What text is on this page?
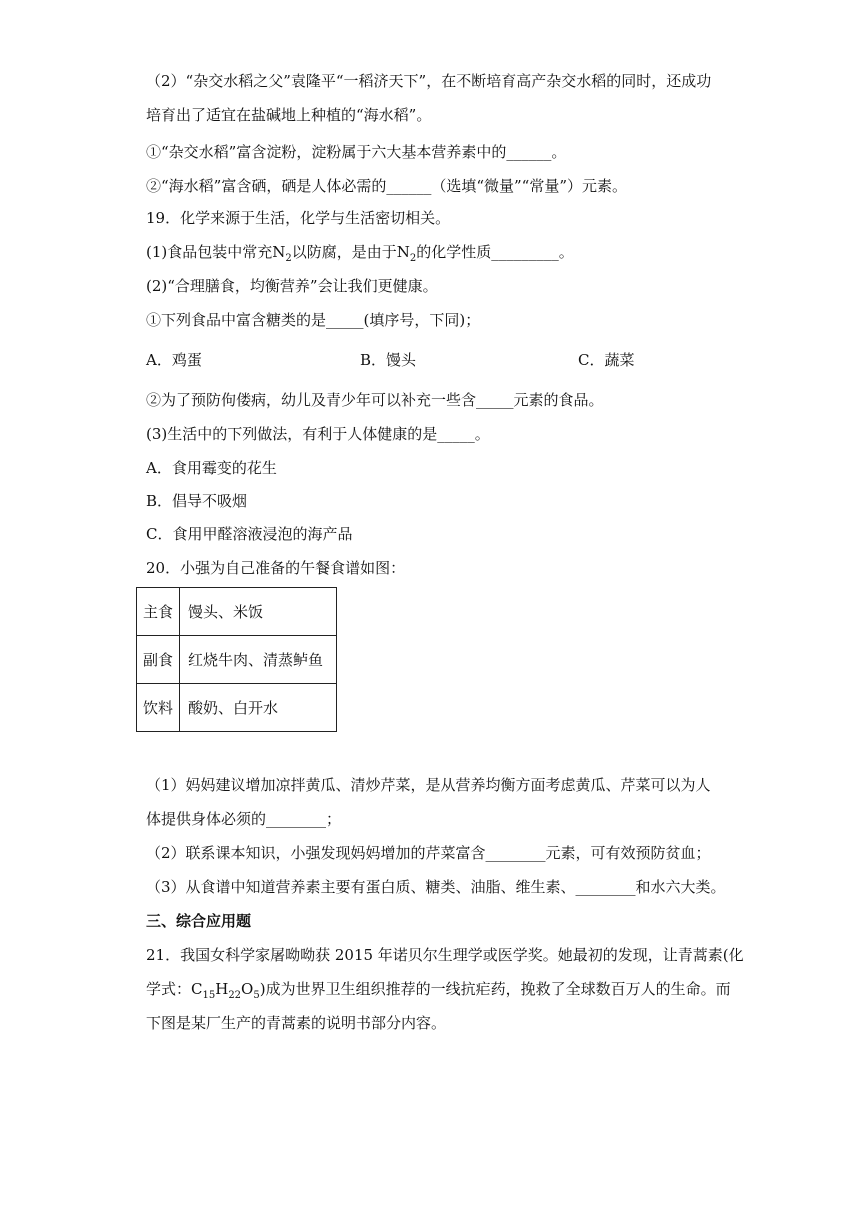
（2）“杂交水稻之父”袁隆平“一稻济天下”，在不断培育高产杂交水稻的同时，还成功
培育出了适宜在盐碱地上种植的“海水稻”。
①“杂交水稻”富含淀粉，淀粉属于六大基本营养素中的______。
②“海水稻”富含硒，硒是人体必需的______（选填“微量”“常量”）元素。
19．化学来源于生活，化学与生活密切相关。
(1)食品包装中常充$N_2$以防腐，是由于$N_2$的化学性质_________。
(2)“合理膳食，均衡营养”会让我们更健康。
①下列食品中富含糖类的是_____(填序号，下同)；
A．鸡蛋	B．馒头	C．蔬菜
②为了预防佝偻病，幼儿及青少年可以补充一些含_____元素的食品。
(3)生活中的下列做法，有利于人体健康的是_____。
A．食用霉变的花生
B．倡导不吸烟
C．食用甲醛溶液浸泡的海产品
20．小强为自己准备的午餐食谱如图：
主食	馒头、米饭
副食	红烧牛肉、清蒸鲈鱼
饮料	酸奶、白开水
（1）妈妈建议增加凉拌黄瓜、清炒芹菜，是从营养均衡方面考虑黄瓜、芹菜可以为人
体提供身体必须的________；
（2）联系课本知识，小强发现妈妈增加的芹菜富含________元素，可有效预防贫血；
（3）从食谱中知道营养素主要有蛋白质、糖类、油脂、维生素、________和水六大类。
三、综合应用题
21．我国女科学家屠呦呦获 2015 年诺贝尔生理学或医学奖。她最初的发现，让青蒿素(化
学式：$C_{15}H_{22}O_5$)成为世界卫生组织推荐的一线抗疟药，挽救了全球数百万人的生命。而
下图是某厂生产的青蒿素的说明书部分内容。
